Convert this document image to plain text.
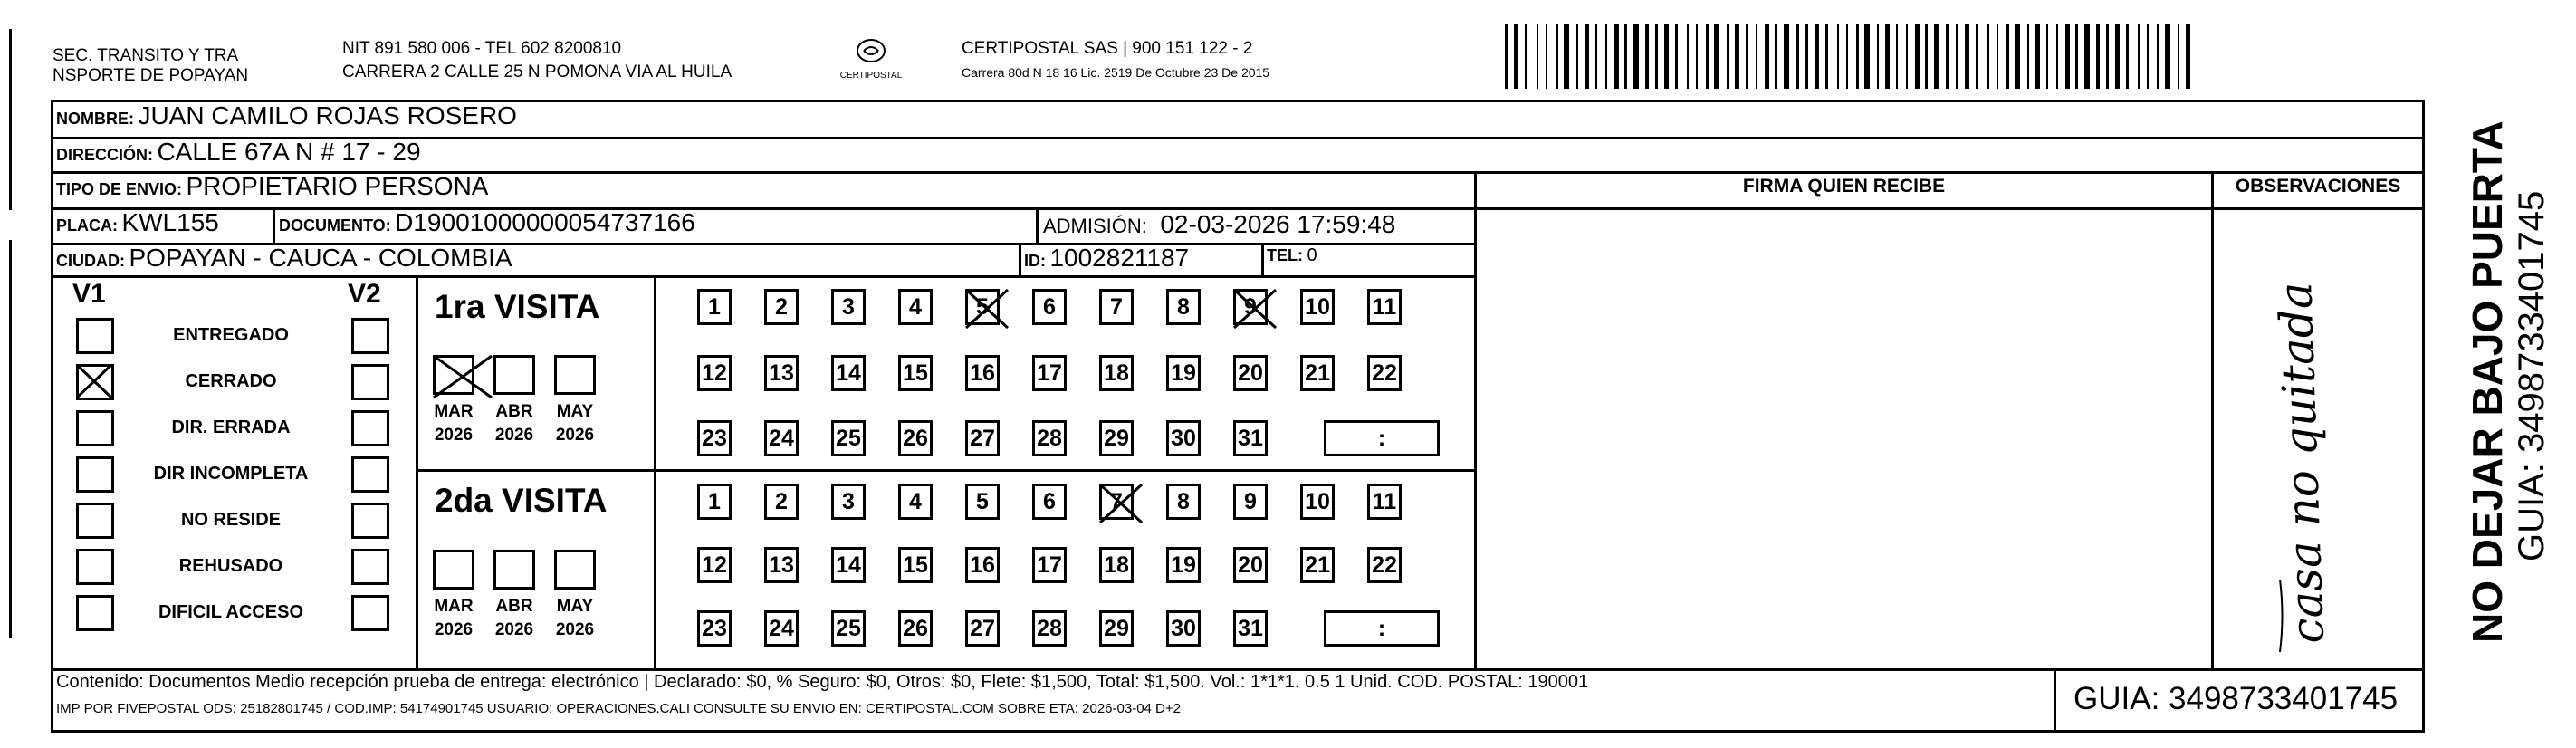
SEC. TRANSITO Y TRA
NSPORTE DE POPAYAN
NIT 891 580 006 - TEL 602 8200810
CARRERA 2 CALLE 25 N POMONA VIA AL HUILA	CERTIPOSTAL
CERTIPOSTAL SAS | 900 151 122 - 2
Carrera 80d N 18 16 Lic. 2519 De Octubre 23 De 2015
NOMBRE: JUAN CAMILO ROJAS ROSERO
DIRECCIÓN: CALLE 67A N # 17 - 29
TIPO DE ENVIO: PROPIETARIO PERSONA	FIRMA QUIEN RECIBE	OBSERVACIONES
PLACA: KWL155	DOCUMENTO: D19001000000054737166	ADMISIÓN: 02-03-2026 17:59:48
CIUDAD: POPAYAN - CAUCA - COLOMBIA	ID: 1002821187	TEL: 0
V1	V2
ENTREGADO
CERRADO
DIR. ERRADA
DIR INCOMPLETA
NO RESIDE
REHUSADO
DIFICIL ACCESO
1ra VISITA
2da VISITA
MAR
2026
ABR
2026
MAY
2026
MAR
2026
ABR
2026
MAY
2026
1 2 3 4 5 6 7 8 9 10 11
12 13 14 15 16 17 18 19 20 21 22
23 24 25 26 27 28 29 30 31	:
1 2 3 4 5 6 7 8 9 10 11
12 13 14 15 16 17 18 19 20 21 22
23 24 25 26 27 28 29 30 31	:	casa no quitada
Contenido: Documentos Medio recepción prueba de entrega: electrónico | Declarado: $0, % Seguro: $0, Otros: $0, Flete: $1,500, Total: $1,500. Vol.: 1*1*1. 0.5 1 Unid. COD. POSTAL: 190001
IMP POR FIVEPOSTAL ODS: 25182801745 / COD.IMP: 54174901745 USUARIO: OPERACIONES.CALI CONSULTE SU ENVIO EN: CERTIPOSTAL.COM SOBRE ETA: 2026-03-04 D+2	GUIA: 3498733401745
NO DEJAR BAJO PUERTA GUIA: 3498733401745
